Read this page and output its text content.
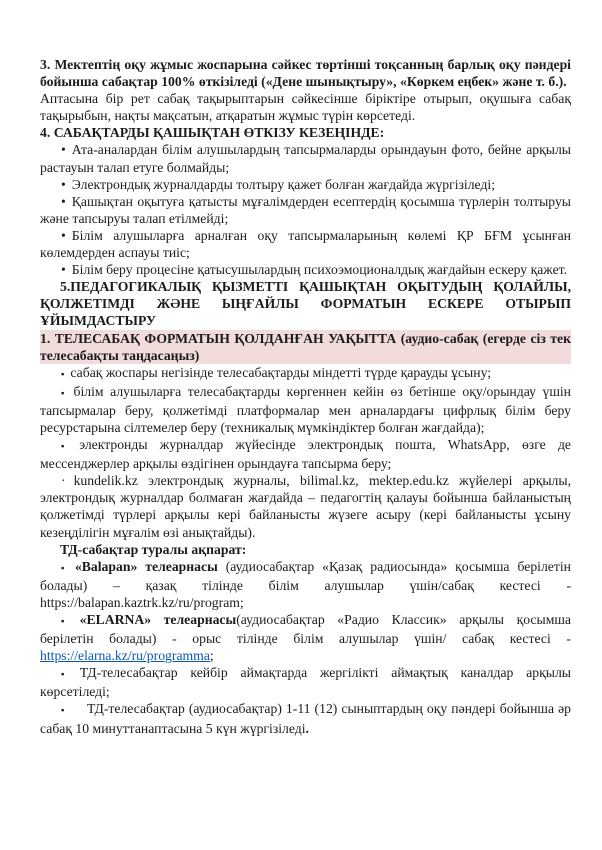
3. Мектептің оқу жұмыс жоспарына сәйкес төртінші тоқсанның барлық оқу пәндері бойынша сабақтар 100% өткізіледі («Дене шынықтыру», «Көркем еңбек» және т. б.).

Аптасына бір рет сабақ тақырыптарын сәйкесінше біріктіре отырып, оқушыға сабақ тақырыбын, нақты мақсатын, атқаратын жұмыс түрін көрсетеді.

4. САБАҚТАРДЫ ҚАШЫҚТАН ӨТКІЗУ КЕЗЕҢІНДЕ:

• Ата-аналардан білім алушылардың тапсырмаларды орындауын фото, бейне арқылы растауын талап етуге болмайды;

• Электрондық журналдарды толтыру қажет болған жағдайда жүргізіледі;

• Қашықтан оқытуға қатысты мұғалімдерден есептердің қосымша түрлерін толтыруы және тапсыруы талап етілмейді;

• Білім алушыларға арналған оқу тапсырмаларының көлемі ҚР БҒМ ұсынған көлемдерден аспауы тиіс;

• Білім беру процесіне қатысушылардың психоэмоционалдық жағдайын ескеру қажет.

5.ПЕДАГОГИКАЛЫҚ ҚЫЗМЕТТІ ҚАШЫҚТАН ОҚЫТУДЫҢ ҚОЛАЙЛЫ, ҚОЛЖЕТІМДІ ЖӘНЕ ЫҢҒАЙЛЫ ФОРМАТЫН ЕСКЕРЕ ОТЫРЫП ҰЙЫМДАСТЫРУ

1. ТЕЛЕСАБАҚ ФОРМАТЫН ҚОЛДАНҒАН УАҚЫТТА (аудио-сабақ (егерде сіз тек телесабақты таңдасаңыз)

▪ сабақ жоспары негізінде телесабақтарды міндетті түрде қарауды ұсыну;

▪ білім алушыларға телесабақтарды көргеннен кейін өз бетінше оқу/орындау үшін тапсырмалар беру, қолжетімді платформалар мен арналардағы цифрлық білім беру ресурстарына сілтемелер беру (техникалық мүмкіндіктер болған жағдайда);

▪ электронды журналдар жүйесінде электрондық пошта, WhatsApp, өзге де мессенджерлер арқылы өздігінен орындауға тапсырма беру;

· kundelik.kz электрондық журналы, bilimal.kz, mektep.edu.kz жүйелері арқылы, электрондық журналдар болмаған жағдайда – педагогтің қалауы бойынша байланыстың қолжетімді түрлері арқылы кері байланысты жүзеге асыру (кері байланысты ұсыну кезеңділігін мұғалім өзі анықтайды).

ТД-сабақтар туралы ақпарат:

▪ «Balapan» телеарнасы (аудиосабақтар «Қазақ радиосында» қосымша берілетін болады) – қазақ тілінде білім алушылар үшін/сабақ кестесі - https://balapan.kaztrk.kz/ru/program;

▪ «ELARNA» телеарнасы(аудиосабақтар «Радио Классик» арқылы қосымша берілетін болады) - орыс тілінде білім алушылар үшін/ сабақ кестесі - https://elarna.kz/ru/programma;

▪ ТД-телесабақтар кейбір аймақтарда жергілікті аймақтық каналдар арқылы көрсетіледі;

▪ ТД-телесабақтар (аудиосабақтар) 1-11 (12) сыныптардың оқу пәндері бойынша әр сабақ 10 минуттанаптасына 5 күн жүргізіледі.
